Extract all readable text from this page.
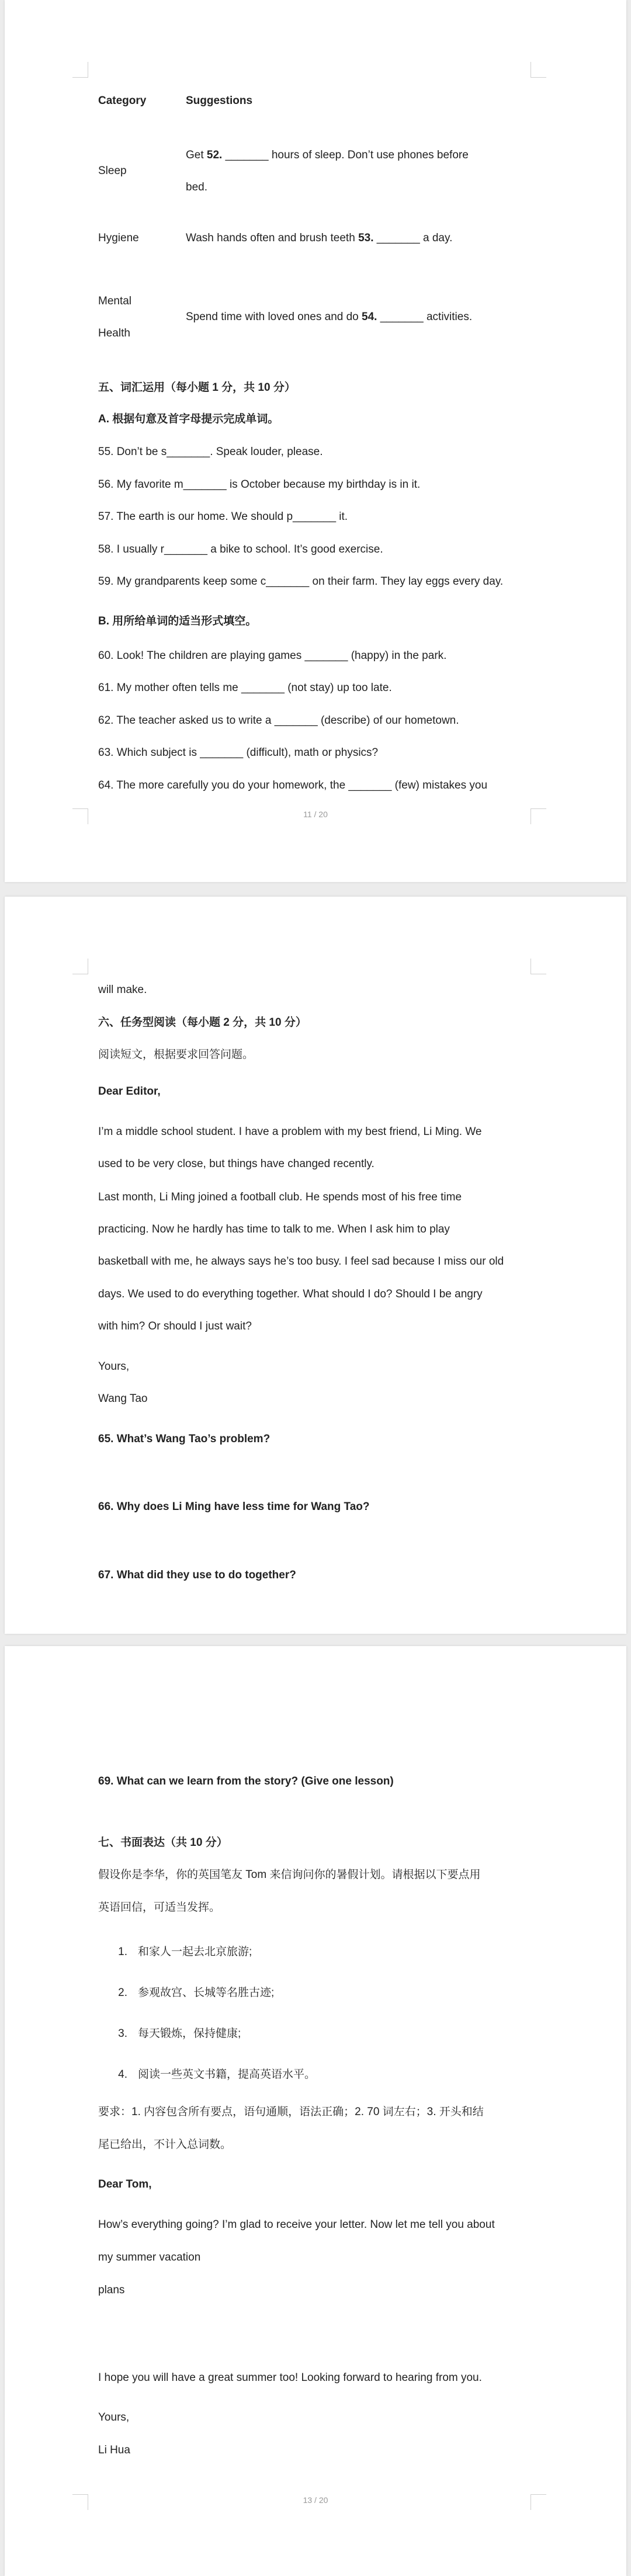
Category	Suggestions
Sleep
Get 52. _______ hours of sleep. Don’t use phones before
bed.
Hygiene	Wash hands often and brush teeth 53. _______ a day.
Mental
Health
Spend time with loved ones and do 54. _______ activities.
五、词汇运用（每小题 1 分，共 10 分）
A. 根据句意及首字母提示完成单词。
55. Don’t be s_______. Speak louder, please.
56. My favorite m_______ is October because my birthday is in it.
57. The earth is our home. We should p_______ it.
58. I usually r_______ a bike to school. It’s good exercise.
59. My grandparents keep some c_______ on their farm. They lay eggs every day.
B. 用所给单词的适当形式填空。
60. Look! The children are playing games _______ (happy) in the park.
61. My mother often tells me _______ (not stay) up too late.
62. The teacher asked us to write a _______ (describe) of our hometown.
63. Which subject is _______ (difficult), math or physics?
64. The more carefully you do your homework, the _______ (few) mistakes you
11 / 20
will make.
六、任务型阅读（每小题 2 分，共 10 分）
阅读短文，根据要求回答问题。
Dear Editor,
I’m a middle school student. I have a problem with my best friend, Li Ming. We
used to be very close, but things have changed recently.
Last month, Li Ming joined a football club. He spends most of his free time
practicing. Now he hardly has time to talk to me. When I ask him to play
basketball with me, he always says he’s too busy. I feel sad because I miss our old
days. We used to do everything together. What should I do? Should I be angry
with him? Or should I just wait?
Yours,
Wang Tao
65. What’s Wang Tao’s problem?
66. Why does Li Ming have less time for Wang Tao?
67. What did they use to do together?
69. What can we learn from the story? (Give one lesson)
七、书面表达（共 10 分）
假设你是李华，你的英国笔友 Tom 来信询问你的暑假计划。请根据以下要点用
英语回信，可适当发挥。
1. 和家人一起去北京旅游;
2. 参观故宫、长城等名胜古迹;
3. 每天锻炼，保持健康;
4. 阅读一些英文书籍，提高英语水平。
要求：1. 内容包含所有要点，语句通顺，语法正确；2. 70 词左右；3. 开头和结
尾已给出，不计入总词数。
Dear Tom,
How’s everything going? I’m glad to receive your letter. Now let me tell you about
my summer vacation
plans
I hope you will have a great summer too! Looking forward to hearing from you.
Yours,
Li Hua
13 / 20
